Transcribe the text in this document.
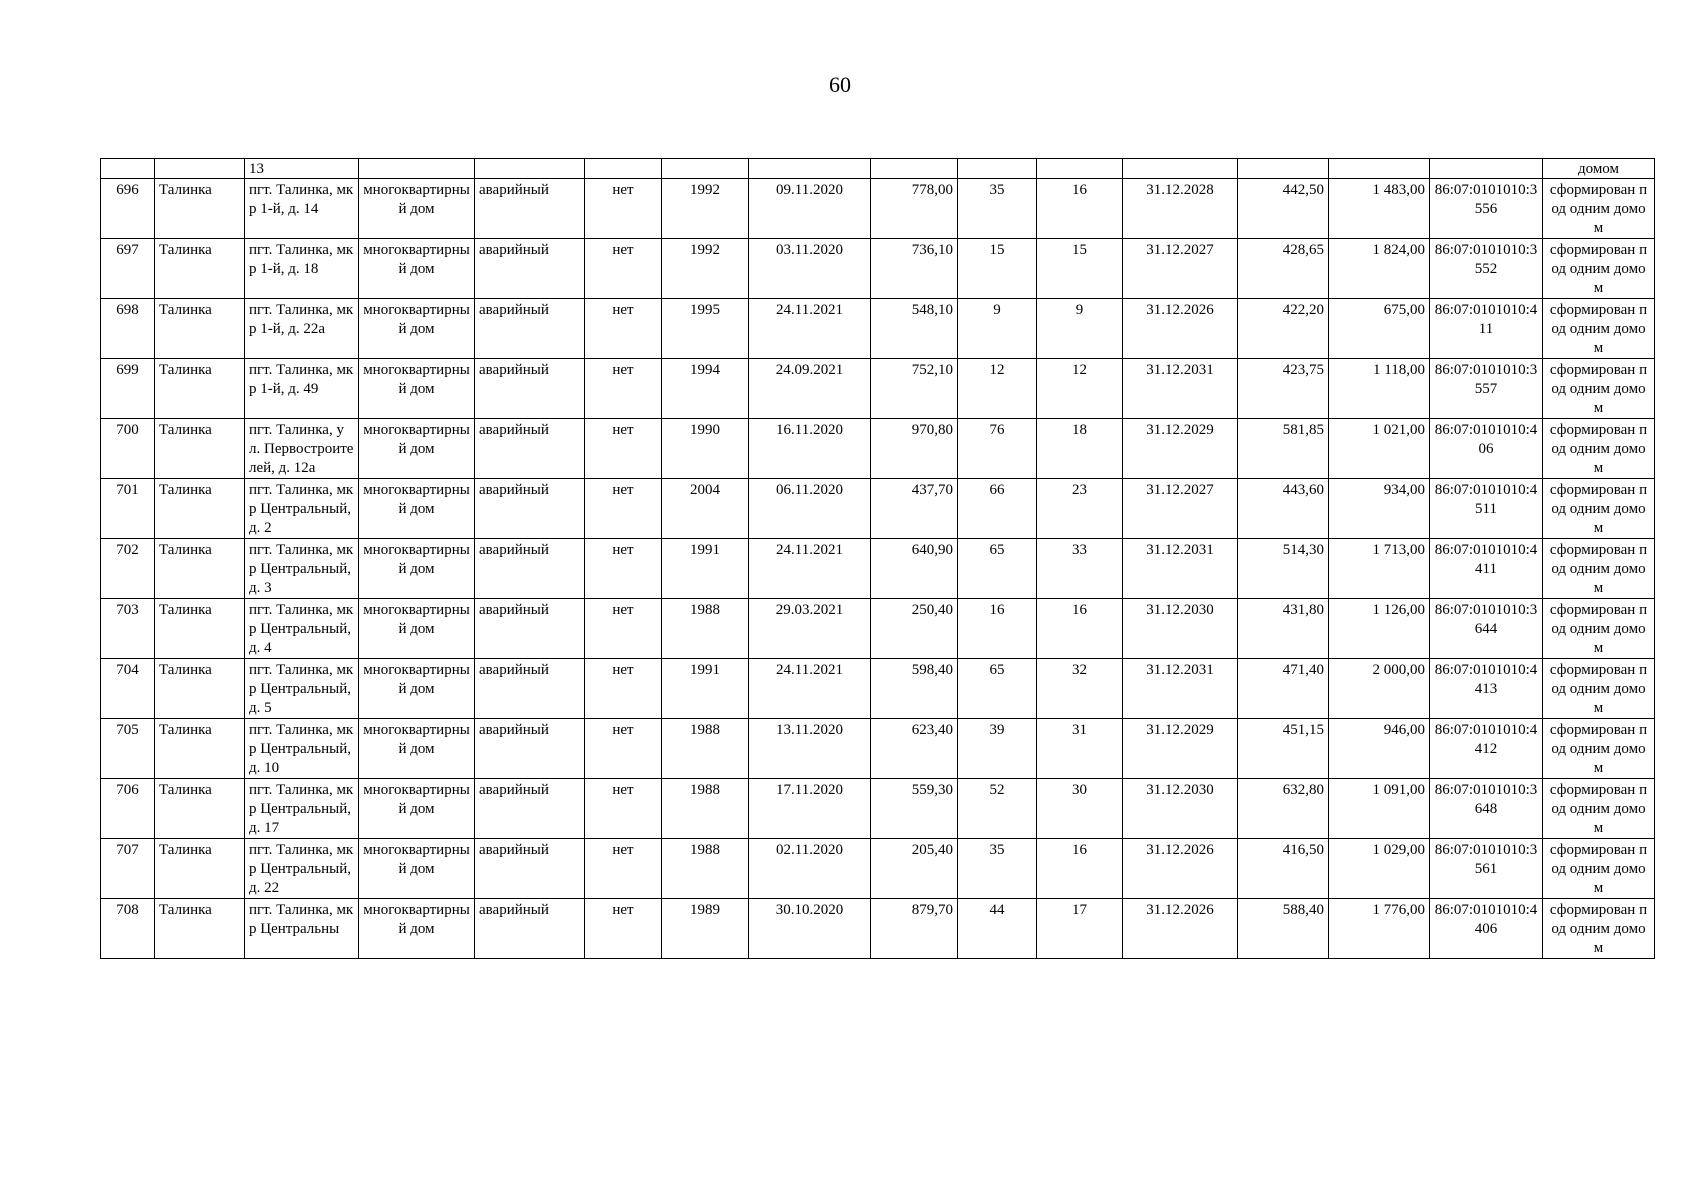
60
		13													домом
696	Талинка	пгт. Талинка, мкр 1-й, д. 14	многоквартирный дом	аварийный	нет	1992	09.11.2020	778,00	35	16	31.12.2028	442,50	1 483,00	86:07:0101010:3556	сформирован под одним домом
697	Талинка	пгт. Талинка, мкр 1-й, д. 18	многоквартирный дом	аварийный	нет	1992	03.11.2020	736,10	15	15	31.12.2027	428,65	1 824,00	86:07:0101010:3552	сформирован под одним домом
698	Талинка	пгт. Талинка, мкр 1-й, д. 22а	многоквартирный дом	аварийный	нет	1995	24.11.2021	548,10	9	9	31.12.2026	422,20	675,00	86:07:0101010:411	сформирован под одним домом
699	Талинка	пгт. Талинка, мкр 1-й, д. 49	многоквартирный дом	аварийный	нет	1994	24.09.2021	752,10	12	12	31.12.2031	423,75	1 118,00	86:07:0101010:3557	сформирован под одним домом
700	Талинка	пгт. Талинка, ул. Первостроителей, д. 12а	многоквартирный дом	аварийный	нет	1990	16.11.2020	970,80	76	18	31.12.2029	581,85	1 021,00	86:07:0101010:406	сформирован под одним домом
701	Талинка	пгт. Талинка, мкр Центральный, д. 2	многоквартирный дом	аварийный	нет	2004	06.11.2020	437,70	66	23	31.12.2027	443,60	934,00	86:07:0101010:4511	сформирован под одним домом
702	Талинка	пгт. Талинка, мкр Центральный, д. 3	многоквартирный дом	аварийный	нет	1991	24.11.2021	640,90	65	33	31.12.2031	514,30	1 713,00	86:07:0101010:4411	сформирован под одним домом
703	Талинка	пгт. Талинка, мкр Центральный, д. 4	многоквартирный дом	аварийный	нет	1988	29.03.2021	250,40	16	16	31.12.2030	431,80	1 126,00	86:07:0101010:3644	сформирован под одним домом
704	Талинка	пгт. Талинка, мкр Центральный, д. 5	многоквартирный дом	аварийный	нет	1991	24.11.2021	598,40	65	32	31.12.2031	471,40	2 000,00	86:07:0101010:4413	сформирован под одним домом
705	Талинка	пгт. Талинка, мкр Центральный, д. 10	многоквартирный дом	аварийный	нет	1988	13.11.2020	623,40	39	31	31.12.2029	451,15	946,00	86:07:0101010:4412	сформирован под одним домом
706	Талинка	пгт. Талинка, мкр Центральный, д. 17	многоквартирный дом	аварийный	нет	1988	17.11.2020	559,30	52	30	31.12.2030	632,80	1 091,00	86:07:0101010:3648	сформирован под одним домом
707	Талинка	пгт. Талинка, мкр Центральный, д. 22	многоквартирный дом	аварийный	нет	1988	02.11.2020	205,40	35	16	31.12.2026	416,50	1 029,00	86:07:0101010:3561	сформирован под одним домом
708	Талинка	пгт. Талинка, мкр Центральны	многоквартирный дом	аварийный	нет	1989	30.10.2020	879,70	44	17	31.12.2026	588,40	1 776,00	86:07:0101010:4406	сформирован под одним домом
